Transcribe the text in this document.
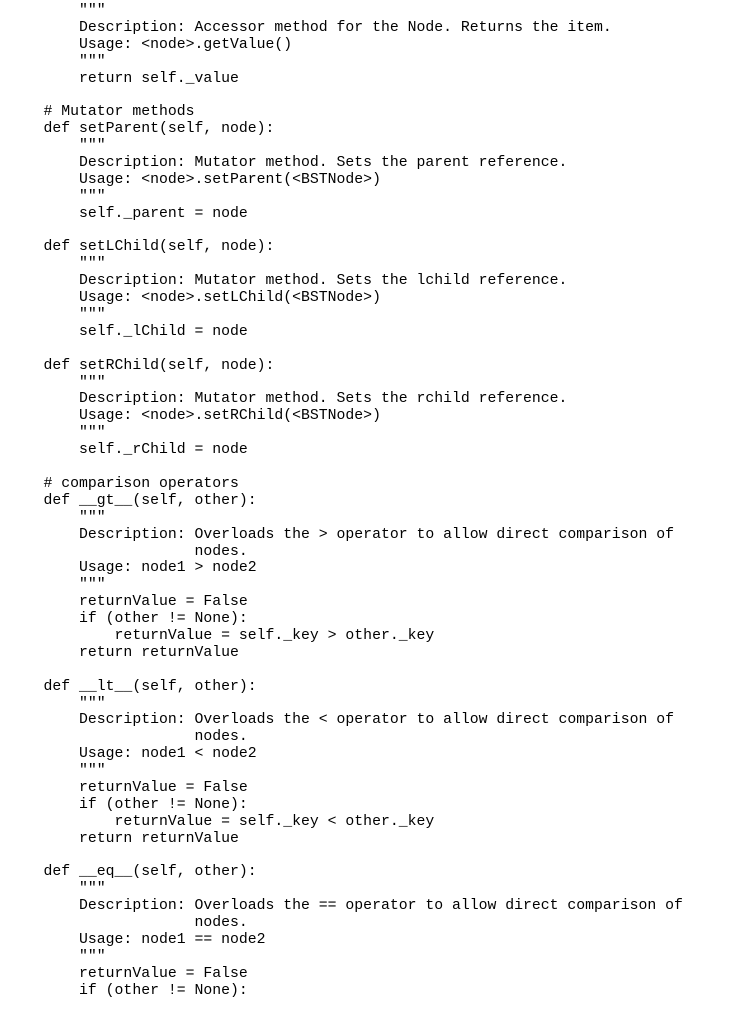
"""
Description: Accessor method for the Node. Returns the item.
Usage: <node>.getValue()
"""
return self._value
# Mutator methods
def setParent(self, node):
"""
Description: Mutator method. Sets the parent reference.
Usage: <node>.setParent(<BSTNode>)
"""
self._parent = node
def setLChild(self, node):
"""
Description: Mutator method. Sets the lchild reference.
Usage: <node>.setLChild(<BSTNode>)
"""
self._lChild = node
def setRChild(self, node):
"""
Description: Mutator method. Sets the rchild reference.
Usage: <node>.setRChild(<BSTNode>)
"""
self._rChild = node
# comparison operators
def __gt__(self, other):
"""
Description: Overloads the > operator to allow direct comparison of
nodes.
Usage: node1 > node2
"""
returnValue = False
if (other != None):
returnValue = self._key > other._key
return returnValue
def __lt__(self, other):
"""
Description: Overloads the < operator to allow direct comparison of
nodes.
Usage: node1 < node2
"""
returnValue = False
if (other != None):
returnValue = self._key < other._key
return returnValue
def __eq__(self, other):
"""
Description: Overloads the == operator to allow direct comparison of
nodes.
Usage: node1 == node2
"""
returnValue = False
if (other != None):
